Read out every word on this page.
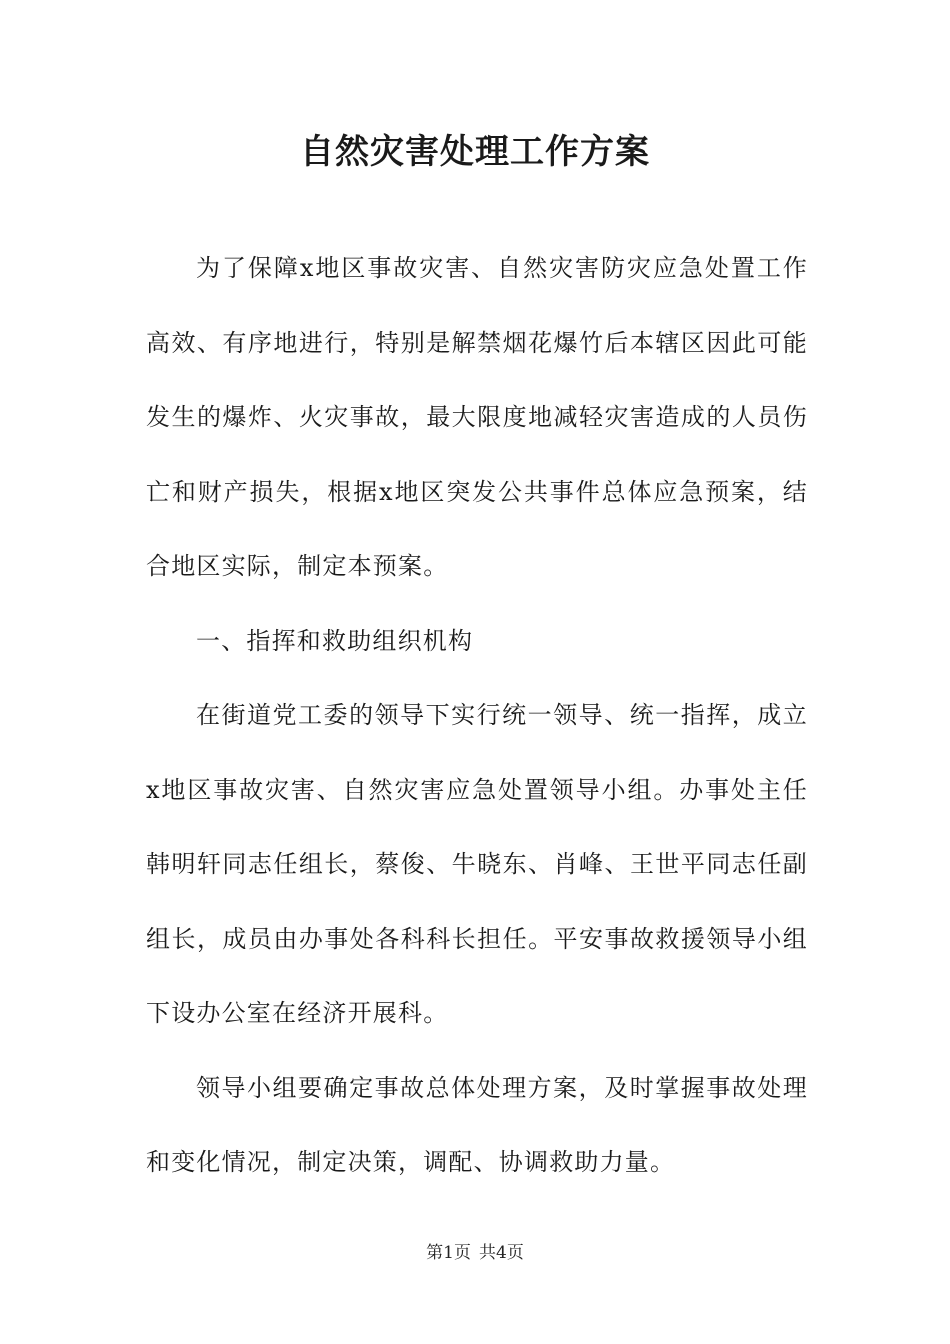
自然灾害处理工作方案

为了保障x地区事故灾害、自然灾害防灾应急处置工作高效、有序地进行，特别是解禁烟花爆竹后本辖区因此可能发生的爆炸、火灾事故，最大限度地减轻灾害造成的人员伤亡和财产损失，根据x地区突发公共事件总体应急预案，结合地区实际，制定本预案。

一、指挥和救助组织机构

在街道党工委的领导下实行统一领导、统一指挥，成立x地区事故灾害、自然灾害应急处置领导小组。办事处主任韩明轩同志任组长，蔡俊、牛晓东、肖峰、王世平同志任副组长，成员由办事处各科科长担任。平安事故救援领导小组下设办公室在经济开展科。

领导小组要确定事故总体处理方案，及时掌握事故处理和变化情况，制定决策，调配、协调救助力量。

第1页 共4页
